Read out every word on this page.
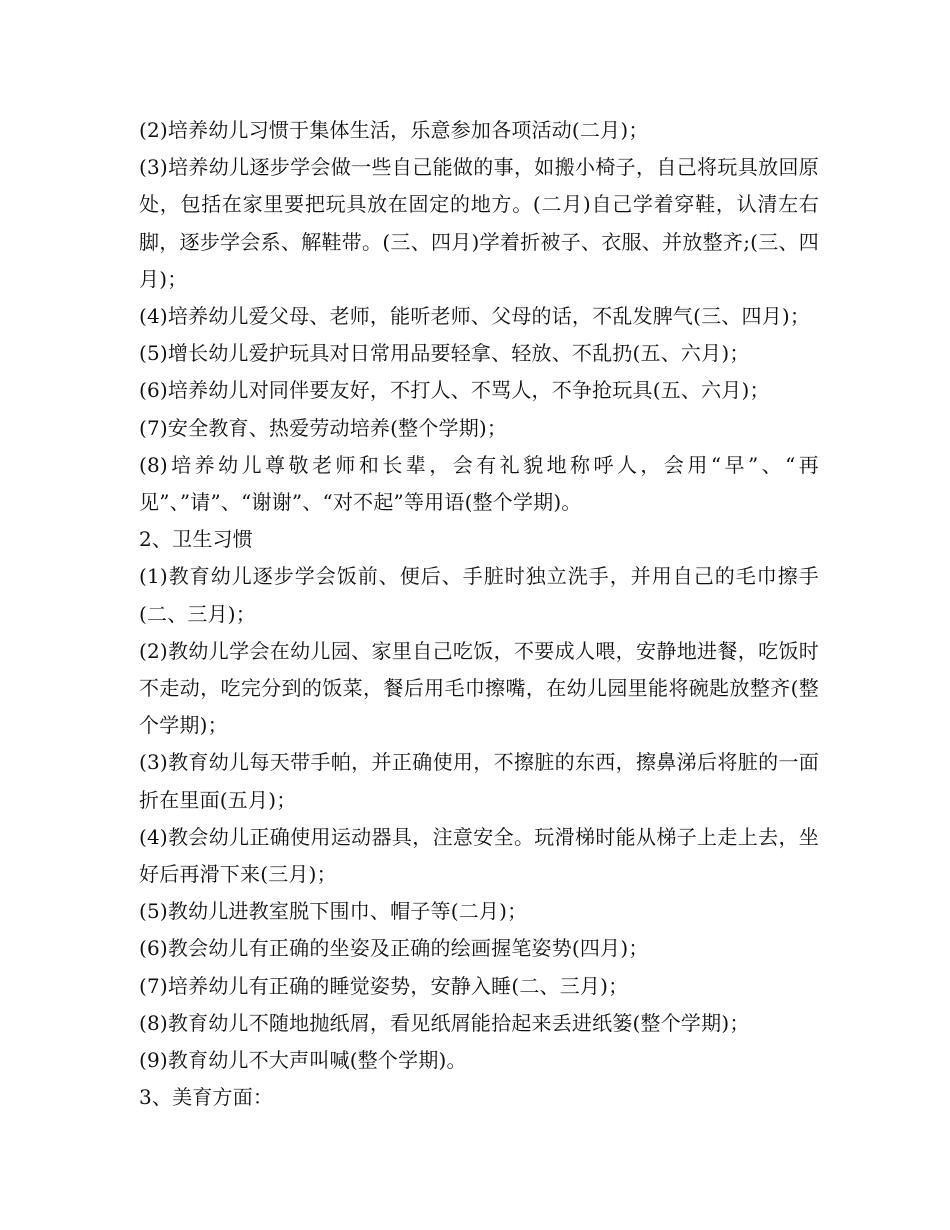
(2)培养幼儿习惯于集体生活，乐意参加各项活动(二月)；

(3)培养幼儿逐步学会做一些自己能做的事，如搬小椅子，自己将玩具放回原处，包括在家里要把玩具放在固定的地方。(二月)自己学着穿鞋，认清左右脚，逐步学会系、解鞋带。(三、四月)学着折被子、衣服、并放整齐;(三、四月)；

(4)培养幼儿爱父母、老师，能听老师、父母的话，不乱发脾气(三、四月)；

(5)增长幼儿爱护玩具对日常用品要轻拿、轻放、不乱扔(五、六月)；

(6)培养幼儿对同伴要友好，不打人、不骂人，不争抢玩具(五、六月)；

(7)安全教育、热爱劳动培养(整个学期)；

(8)培养幼儿尊敬老师和长辈，会有礼貌地称呼人，会用“早”、“再见”、”请”、“谢谢”、“对不起”等用语(整个学期)。

2、卫生习惯

(1)教育幼儿逐步学会饭前、便后、手脏时独立洗手，并用自己的毛巾擦手(二、三月)；

(2)教幼儿学会在幼儿园、家里自己吃饭，不要成人喂，安静地进餐，吃饭时不走动，吃完分到的饭菜，餐后用毛巾擦嘴，在幼儿园里能将碗匙放整齐(整个学期)；

(3)教育幼儿每天带手帕，并正确使用，不擦脏的东西，擦鼻涕后将脏的一面折在里面(五月)；

(4)教会幼儿正确使用运动器具，注意安全。玩滑梯时能从梯子上走上去，坐好后再滑下来(三月)；

(5)教幼儿进教室脱下围巾、帽子等(二月)；

(6)教会幼儿有正确的坐姿及正确的绘画握笔姿势(四月)；

(7)培养幼儿有正确的睡觉姿势，安静入睡(二、三月)；

(8)教育幼儿不随地抛纸屑，看见纸屑能拾起来丢进纸篓(整个学期)；

(9)教育幼儿不大声叫喊(整个学期)。

3、美育方面：
